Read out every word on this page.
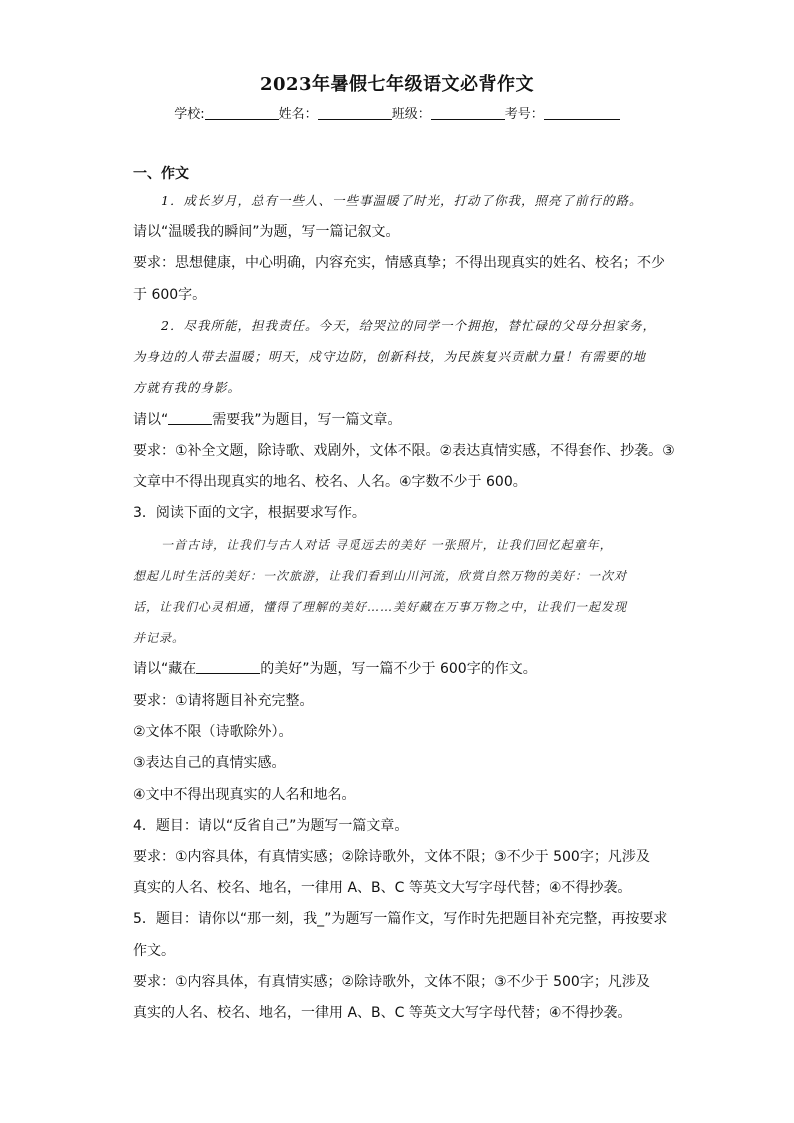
2023年暑假七年级语文必背作文
学校:	姓名：	班级：	考号：
一、作文
1．成长岁月，总有一些人、一些事温暖了时光，打动了你我，照亮了前行的路。
请以“温暖我的瞬间”为题，写一篇记叙文。
要求：思想健康，中心明确，内容充实，情感真挚；不得出现真实的姓名、校名；不少
于 600字。
2．尽我所能，担我责任。今天，给哭泣的同学一个拥抱，替忙碌的父母分担家务，
为身边的人带去温暖；明天，戍守边防，创新科技，为民族复兴贡献力量！有需要的地
方就有我的身影。
请以“	需要我”为题目，写一篇文章。
要求：①补全文题，除诗歌、戏剧外，文体不限。②表达真情实感，不得套作、抄袭。③
文章中不得出现真实的地名、校名、人名。④字数不少于 600。
3．阅读下面的文字，根据要求写作。
一首古诗，让我们与古人对话 寻觅远去的美好 一张照片，让我们回忆起童年，
想起儿时生活的美好：一次旅游，让我们看到山川河流，欣赏自然万物的美好：一次对
话，让我们心灵相通，懂得了理解的美好……美好藏在万事万物之中，让我们一起发现
并记录。
请以“藏在	的美好”为题，写一篇不少于 600字的作文。
要求：①请将题目补充完整。
②文体不限（诗歌除外）。
③表达自己的真情实感。
④文中不得出现真实的人名和地名。
4．题目：请以“反省自己”为题写一篇文章。
要求：①内容具体，有真情实感；②除诗歌外，文体不限；③不少于 500字；凡涉及
真实的人名、校名、地名，一律用 A、B、C 等英文大写字母代替；④不得抄袭。
5．题目：请你以“那一刻，我_”为题写一篇作文，写作时先把题目补充完整，再按要求
作文。
要求：①内容具体，有真情实感；②除诗歌外，文体不限；③不少于 500字；凡涉及
真实的人名、校名、地名，一律用 A、B、C 等英文大写字母代替；④不得抄袭。
